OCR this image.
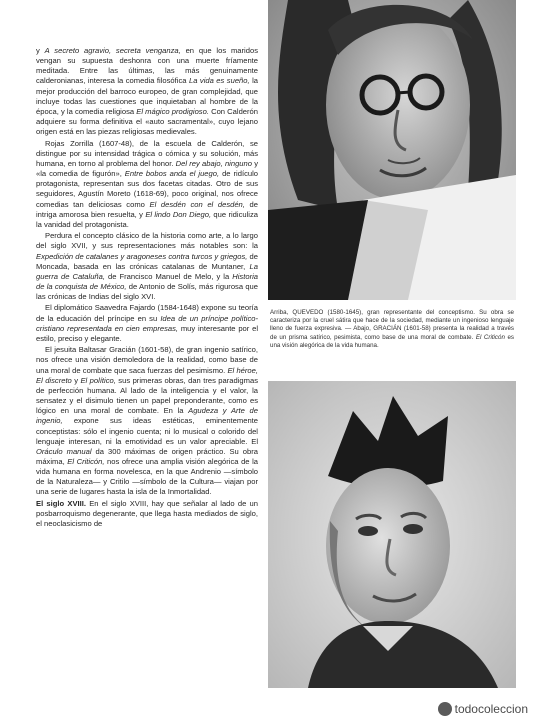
y A secreto agravio, secreta venganza, en que los maridos vengan su supuesta deshonra con una muerte fríamente meditada. Entre las últimas, las más genuinamente calderonianas, interesa la comedia filosófica La vida es sueño, la mejor producción del barroco europeo, de gran complejidad, que incluye todas las cuestiones que inquietaban al hombre de la época, y la comedia religiosa El mágico prodigioso. Con Calderón adquiere su forma definitiva el «auto sacramental», cuyo lejano origen está en las piezas religiosas medievales.

Rojas Zorrilla (1607-48), de la escuela de Calderón, se distingue por su intensidad trágica o cómica y su solución, más humana, en torno al problema del honor. Del rey abajo, ninguno y «la comedia de figurón», Entre bobos anda el juego, de ridículo protagonista, representan sus dos facetas citadas. Otro de sus seguidores, Agustín Moreto (1618-69), poco original, nos ofrece comedias tan deliciosas como El desdén con el desdén, de intriga amorosa bien resuelta, y El lindo Don Diego, que ridiculiza la vanidad del protagonista.

Perdura el concepto clásico de la historia como arte, a lo largo del siglo XVII, y sus representaciones más notables son: la Expedición de catalanes y aragoneses contra turcos y griegos, de Moncada, basada en las crónicas catalanas de Muntaner, La guerra de Cataluña, de Francisco Manuel de Melo, y la Historia de la conquista de México, de Antonio de Solís, más rigurosa que las crónicas de Indias del siglo XVI.

El diplomático Saavedra Fajardo (1584-1648) expone su teoría de la educación del príncipe en su Idea de un príncipe político-cristiano representada en cien empresas, muy interesante por el estilo, preciso y elegante.

El jesuita Baltasar Gracián (1601-58), de gran ingenio satírico, nos ofrece una visión demoledora de la realidad, como base de una moral de combate que saca fuerzas del pesimismo. El héroe, El discreto y El político, sus primeras obras, dan tres paradigmas de perfección humana. Al lado de la inteligencia y el valor, la sensatez y el disimulo tienen un papel preponderante, como es lógico en una moral de combate. En la Agudeza y Arte de ingenio, expone sus ideas estéticas, eminentemente conceptistas: sólo el ingenio cuenta; ni lo musical o colorido del lenguaje interesan, ni la emotividad es un valor apreciable. El Oráculo manual da 300 máximas de origen práctico. Su obra máxima, El Criticón, nos ofrece una amplia visión alegórica de la vida humana en forma novelesca, en la que Andrenio —símbolo de la Naturaleza— y Critilo —símbolo de la Cultura— viajan por una serie de lugares hasta la isla de la Inmortalidad.

El siglo XVIII. En el siglo XVIII, hay que señalar al lado de un posbarroquismo degenerante, que llega hasta mediados de siglo, el neoclasicismo de

Arriba, QUEVEDO (1580-1645), gran representante del conceptismo. Su obra se caracteriza por la cruel sátira que hace de la sociedad, mediante un ingenioso lenguaje lleno de fuerza expresiva. — Abajo, GRACIÁN (1601-58) presenta la realidad a través de un prisma satírico, pesimista, como base de una moral de combate. El Criticón es una visión alegórica de la vida humana.
todocoleccion
